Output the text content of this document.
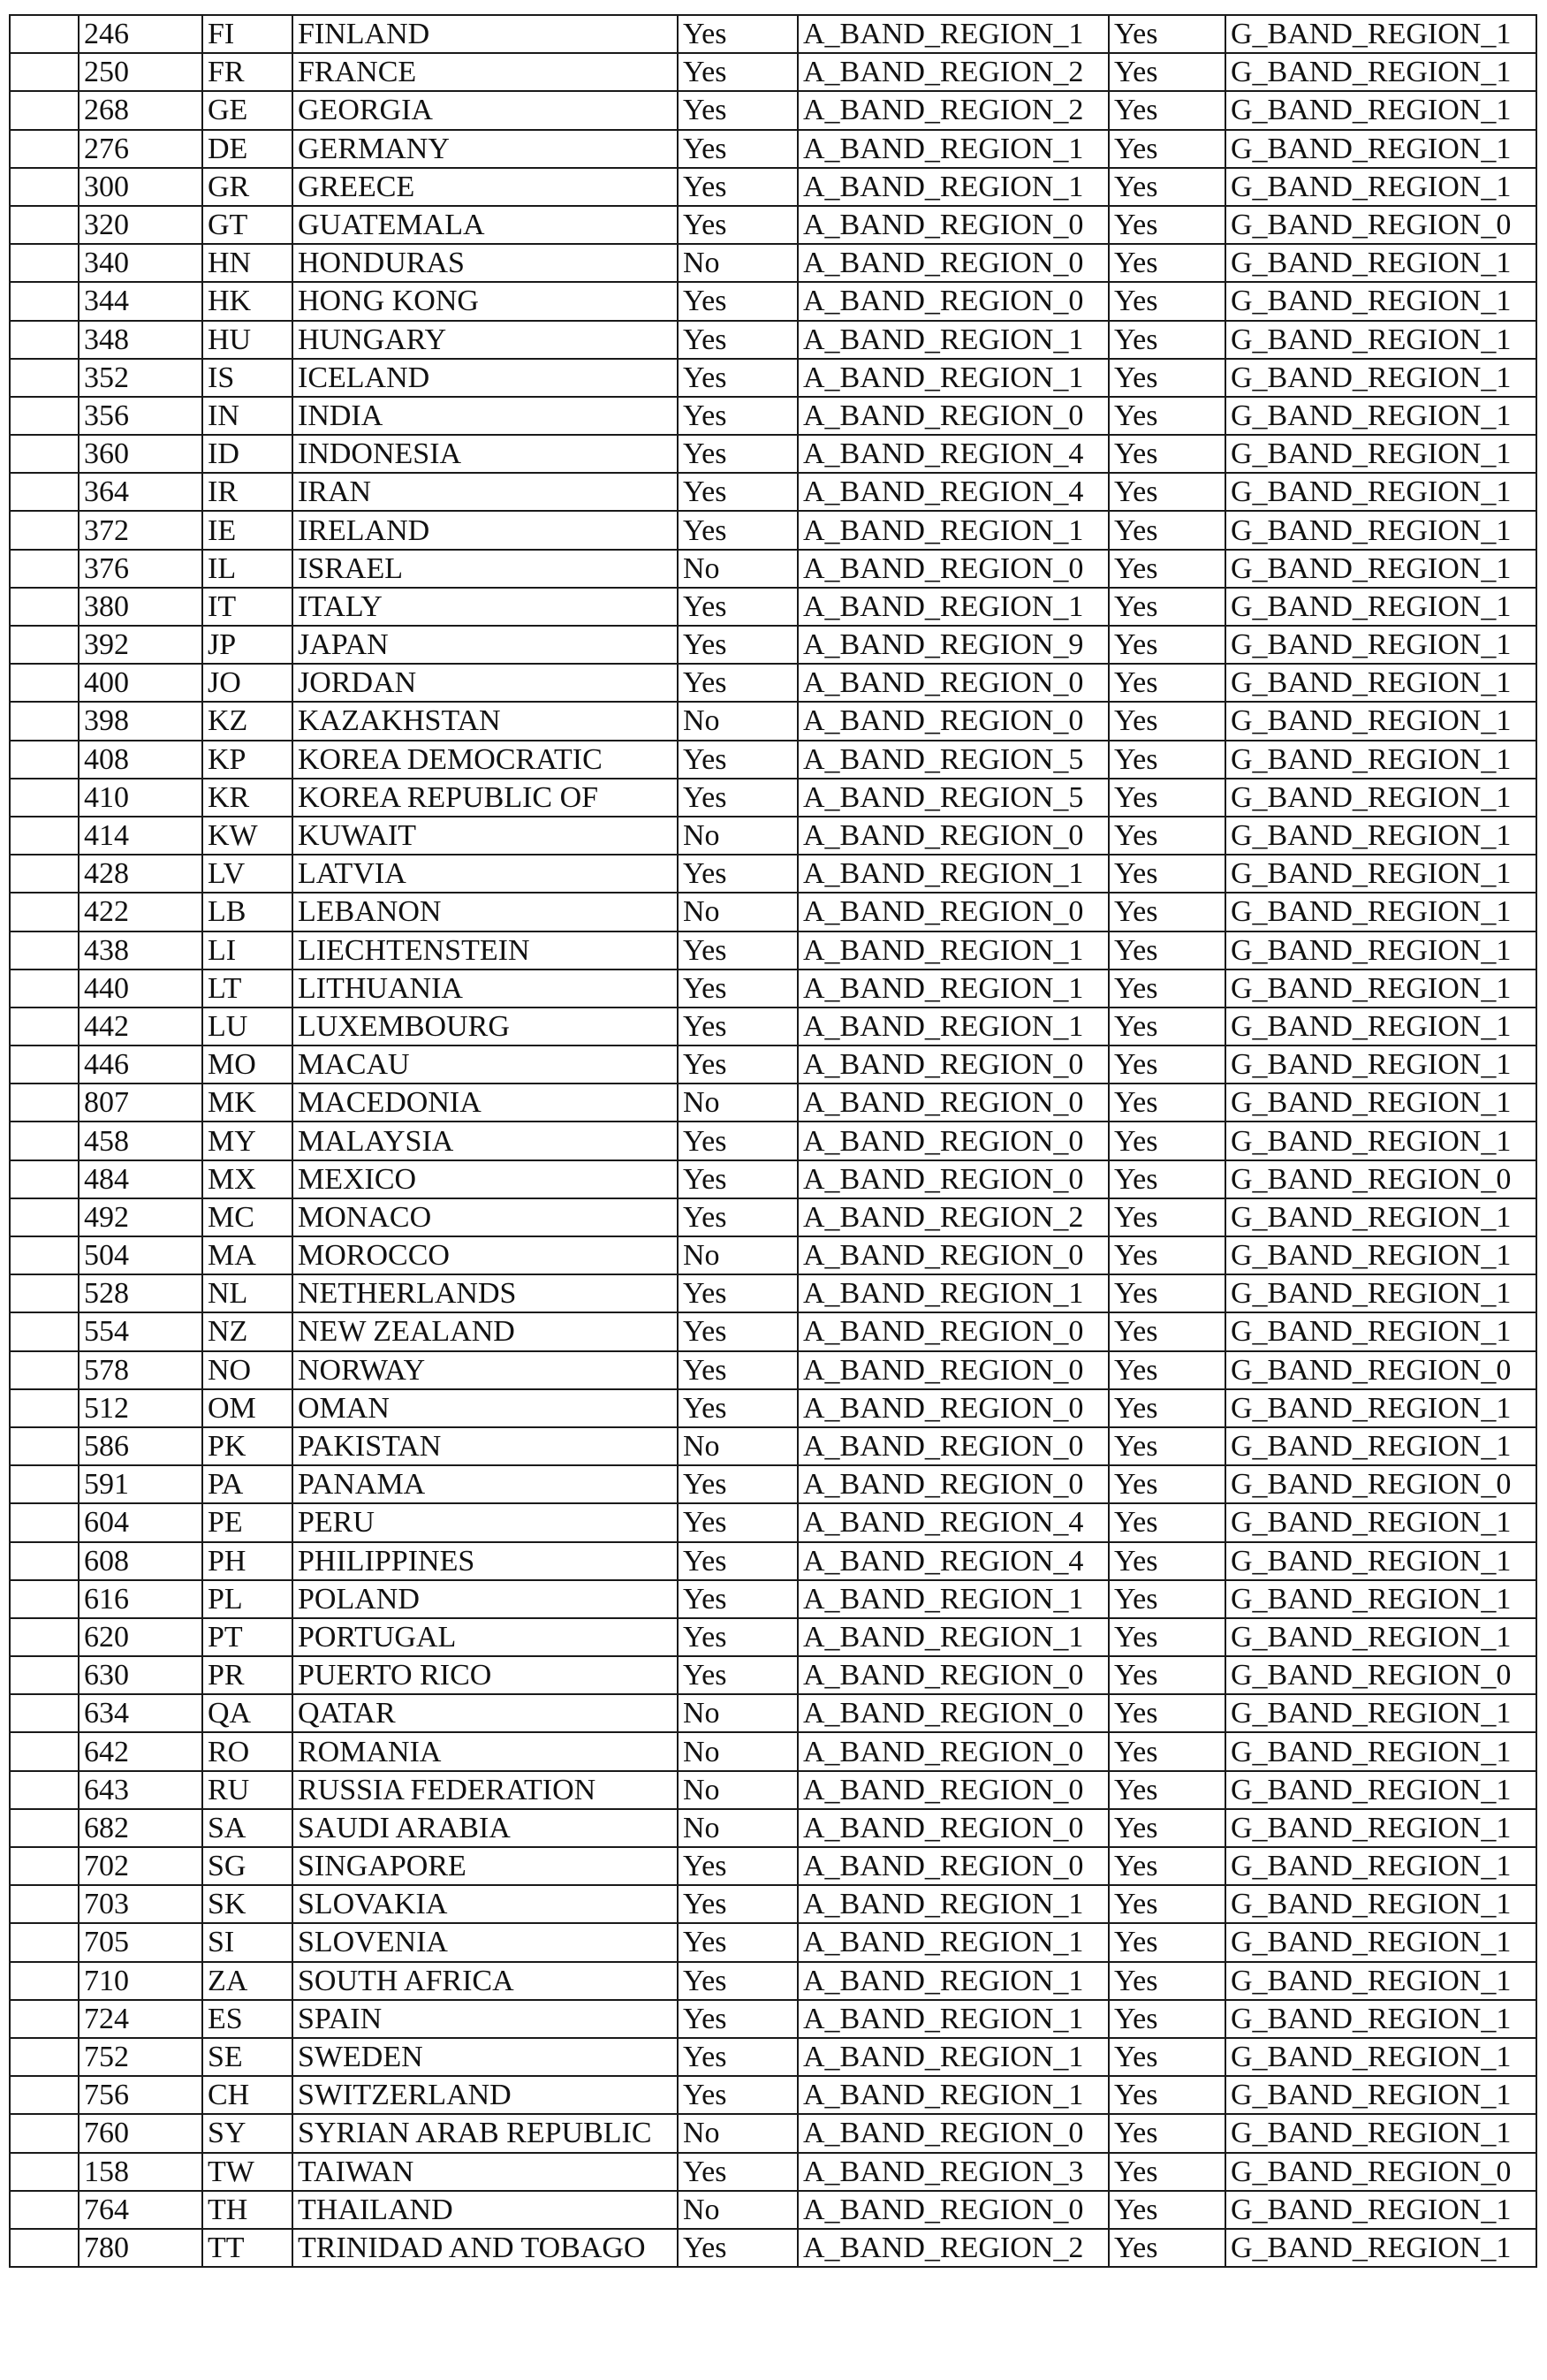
	246	FI	FINLAND	Yes	A_BAND_REGION_1	Yes	G_BAND_REGION_1
	250	FR	FRANCE	Yes	A_BAND_REGION_2	Yes	G_BAND_REGION_1
	268	GE	GEORGIA	Yes	A_BAND_REGION_2	Yes	G_BAND_REGION_1
	276	DE	GERMANY	Yes	A_BAND_REGION_1	Yes	G_BAND_REGION_1
	300	GR	GREECE	Yes	A_BAND_REGION_1	Yes	G_BAND_REGION_1
	320	GT	GUATEMALA	Yes	A_BAND_REGION_0	Yes	G_BAND_REGION_0
	340	HN	HONDURAS	No	A_BAND_REGION_0	Yes	G_BAND_REGION_1
	344	HK	HONG KONG	Yes	A_BAND_REGION_0	Yes	G_BAND_REGION_1
	348	HU	HUNGARY	Yes	A_BAND_REGION_1	Yes	G_BAND_REGION_1
	352	IS	ICELAND	Yes	A_BAND_REGION_1	Yes	G_BAND_REGION_1
	356	IN	INDIA	Yes	A_BAND_REGION_0	Yes	G_BAND_REGION_1
	360	ID	INDONESIA	Yes	A_BAND_REGION_4	Yes	G_BAND_REGION_1
	364	IR	IRAN	Yes	A_BAND_REGION_4	Yes	G_BAND_REGION_1
	372	IE	IRELAND	Yes	A_BAND_REGION_1	Yes	G_BAND_REGION_1
	376	IL	ISRAEL	No	A_BAND_REGION_0	Yes	G_BAND_REGION_1
	380	IT	ITALY	Yes	A_BAND_REGION_1	Yes	G_BAND_REGION_1
	392	JP	JAPAN	Yes	A_BAND_REGION_9	Yes	G_BAND_REGION_1
	400	JO	JORDAN	Yes	A_BAND_REGION_0	Yes	G_BAND_REGION_1
	398	KZ	KAZAKHSTAN	No	A_BAND_REGION_0	Yes	G_BAND_REGION_1
	408	KP	KOREA DEMOCRATIC	Yes	A_BAND_REGION_5	Yes	G_BAND_REGION_1
	410	KR	KOREA REPUBLIC OF	Yes	A_BAND_REGION_5	Yes	G_BAND_REGION_1
	414	KW	KUWAIT	No	A_BAND_REGION_0	Yes	G_BAND_REGION_1
	428	LV	LATVIA	Yes	A_BAND_REGION_1	Yes	G_BAND_REGION_1
	422	LB	LEBANON	No	A_BAND_REGION_0	Yes	G_BAND_REGION_1
	438	LI	LIECHTENSTEIN	Yes	A_BAND_REGION_1	Yes	G_BAND_REGION_1
	440	LT	LITHUANIA	Yes	A_BAND_REGION_1	Yes	G_BAND_REGION_1
	442	LU	LUXEMBOURG	Yes	A_BAND_REGION_1	Yes	G_BAND_REGION_1
	446	MO	MACAU	Yes	A_BAND_REGION_0	Yes	G_BAND_REGION_1
	807	MK	MACEDONIA	No	A_BAND_REGION_0	Yes	G_BAND_REGION_1
	458	MY	MALAYSIA	Yes	A_BAND_REGION_0	Yes	G_BAND_REGION_1
	484	MX	MEXICO	Yes	A_BAND_REGION_0	Yes	G_BAND_REGION_0
	492	MC	MONACO	Yes	A_BAND_REGION_2	Yes	G_BAND_REGION_1
	504	MA	MOROCCO	No	A_BAND_REGION_0	Yes	G_BAND_REGION_1
	528	NL	NETHERLANDS	Yes	A_BAND_REGION_1	Yes	G_BAND_REGION_1
	554	NZ	NEW ZEALAND	Yes	A_BAND_REGION_0	Yes	G_BAND_REGION_1
	578	NO	NORWAY	Yes	A_BAND_REGION_0	Yes	G_BAND_REGION_0
	512	OM	OMAN	Yes	A_BAND_REGION_0	Yes	G_BAND_REGION_1
	586	PK	PAKISTAN	No	A_BAND_REGION_0	Yes	G_BAND_REGION_1
	591	PA	PANAMA	Yes	A_BAND_REGION_0	Yes	G_BAND_REGION_0
	604	PE	PERU	Yes	A_BAND_REGION_4	Yes	G_BAND_REGION_1
	608	PH	PHILIPPINES	Yes	A_BAND_REGION_4	Yes	G_BAND_REGION_1
	616	PL	POLAND	Yes	A_BAND_REGION_1	Yes	G_BAND_REGION_1
	620	PT	PORTUGAL	Yes	A_BAND_REGION_1	Yes	G_BAND_REGION_1
	630	PR	PUERTO RICO	Yes	A_BAND_REGION_0	Yes	G_BAND_REGION_0
	634	QA	QATAR	No	A_BAND_REGION_0	Yes	G_BAND_REGION_1
	642	RO	ROMANIA	No	A_BAND_REGION_0	Yes	G_BAND_REGION_1
	643	RU	RUSSIA FEDERATION	No	A_BAND_REGION_0	Yes	G_BAND_REGION_1
	682	SA	SAUDI ARABIA	No	A_BAND_REGION_0	Yes	G_BAND_REGION_1
	702	SG	SINGAPORE	Yes	A_BAND_REGION_0	Yes	G_BAND_REGION_1
	703	SK	SLOVAKIA	Yes	A_BAND_REGION_1	Yes	G_BAND_REGION_1
	705	SI	SLOVENIA	Yes	A_BAND_REGION_1	Yes	G_BAND_REGION_1
	710	ZA	SOUTH AFRICA	Yes	A_BAND_REGION_1	Yes	G_BAND_REGION_1
	724	ES	SPAIN	Yes	A_BAND_REGION_1	Yes	G_BAND_REGION_1
	752	SE	SWEDEN	Yes	A_BAND_REGION_1	Yes	G_BAND_REGION_1
	756	CH	SWITZERLAND	Yes	A_BAND_REGION_1	Yes	G_BAND_REGION_1
	760	SY	SYRIAN ARAB REPUBLIC	No	A_BAND_REGION_0	Yes	G_BAND_REGION_1
	158	TW	TAIWAN	Yes	A_BAND_REGION_3	Yes	G_BAND_REGION_0
	764	TH	THAILAND	No	A_BAND_REGION_0	Yes	G_BAND_REGION_1
	780	TT	TRINIDAD AND TOBAGO	Yes	A_BAND_REGION_2	Yes	G_BAND_REGION_1
